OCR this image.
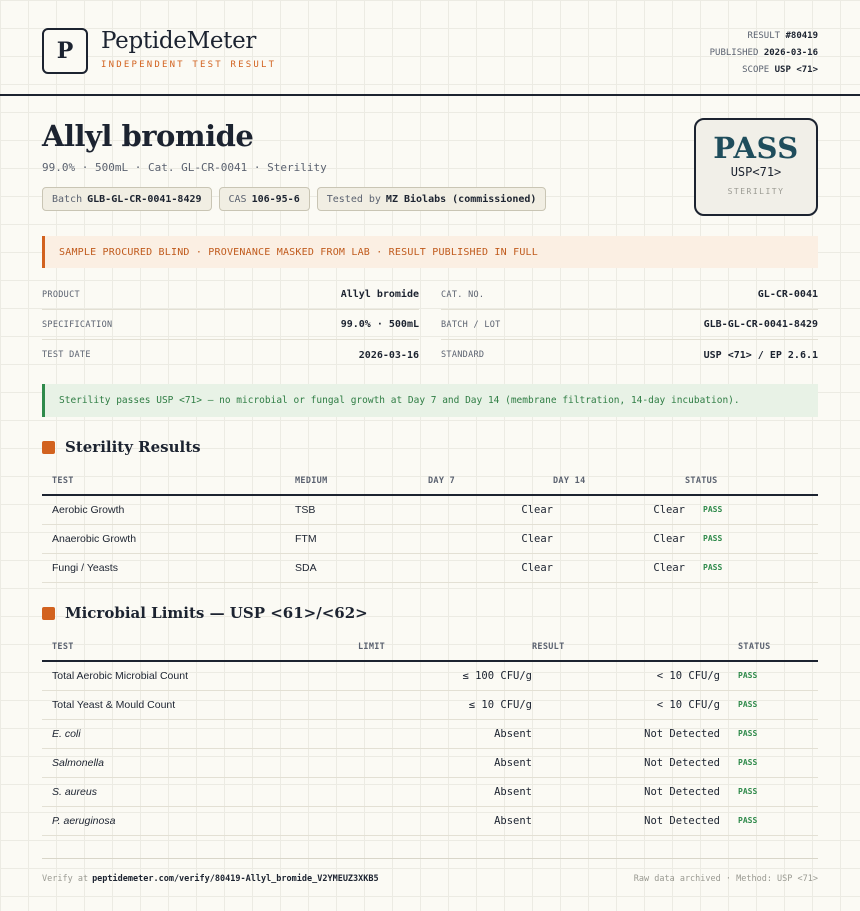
P	PeptideMeter
INDEPENDENT TEST RESULT
RESULT #80419
PUBLISHED 2026-03-16
SCOPE USP <71>
Allyl bromide
99.0% · 500mL · Cat. GL-CR-0041 · Sterility
Batch GLB-GL-CR-0041-8429	CAS 106-95-6	Tested by MZ Biolabs (commissioned)
PASS
USP<71>
STERILITY
SAMPLE PROCURED BLIND · PROVENANCE MASKED FROM LAB · RESULT PUBLISHED IN FULL
PRODUCT	Allyl bromide	CAT. NO.	GL-CR-0041
SPECIFICATION	99.0% · 500mL	BATCH / LOT	GLB-GL-CR-0041-8429
TEST DATE	2026-03-16	STANDARD	USP <71> / EP 2.6.1
Sterility passes USP <71> — no microbial or fungal growth at Day 7 and Day 14 (membrane filtration, 14-day incubation).
Sterility Results
TEST	MEDIUM	DAY 7	DAY 14	STATUS
Aerobic Growth	TSB	Clear	Clear	PASS
Anaerobic Growth	FTM	Clear	Clear	PASS
Fungi / Yeasts	SDA	Clear	Clear	PASS
Microbial Limits — USP <61>/<62>
TEST	LIMIT	RESULT	STATUS
Total Aerobic Microbial Count	≤ 100 CFU/g	< 10 CFU/g	PASS
Total Yeast & Mould Count	≤ 10 CFU/g	< 10 CFU/g	PASS
E. coli	Absent	Not Detected	PASS
Salmonella	Absent	Not Detected	PASS
S. aureus	Absent	Not Detected	PASS
P. aeruginosa	Absent	Not Detected	PASS
Verify at peptidemeter.com/verify/80419-Allyl_bromide_V2YMEUZ3XKB5	Raw data archived · Method: USP <71>
